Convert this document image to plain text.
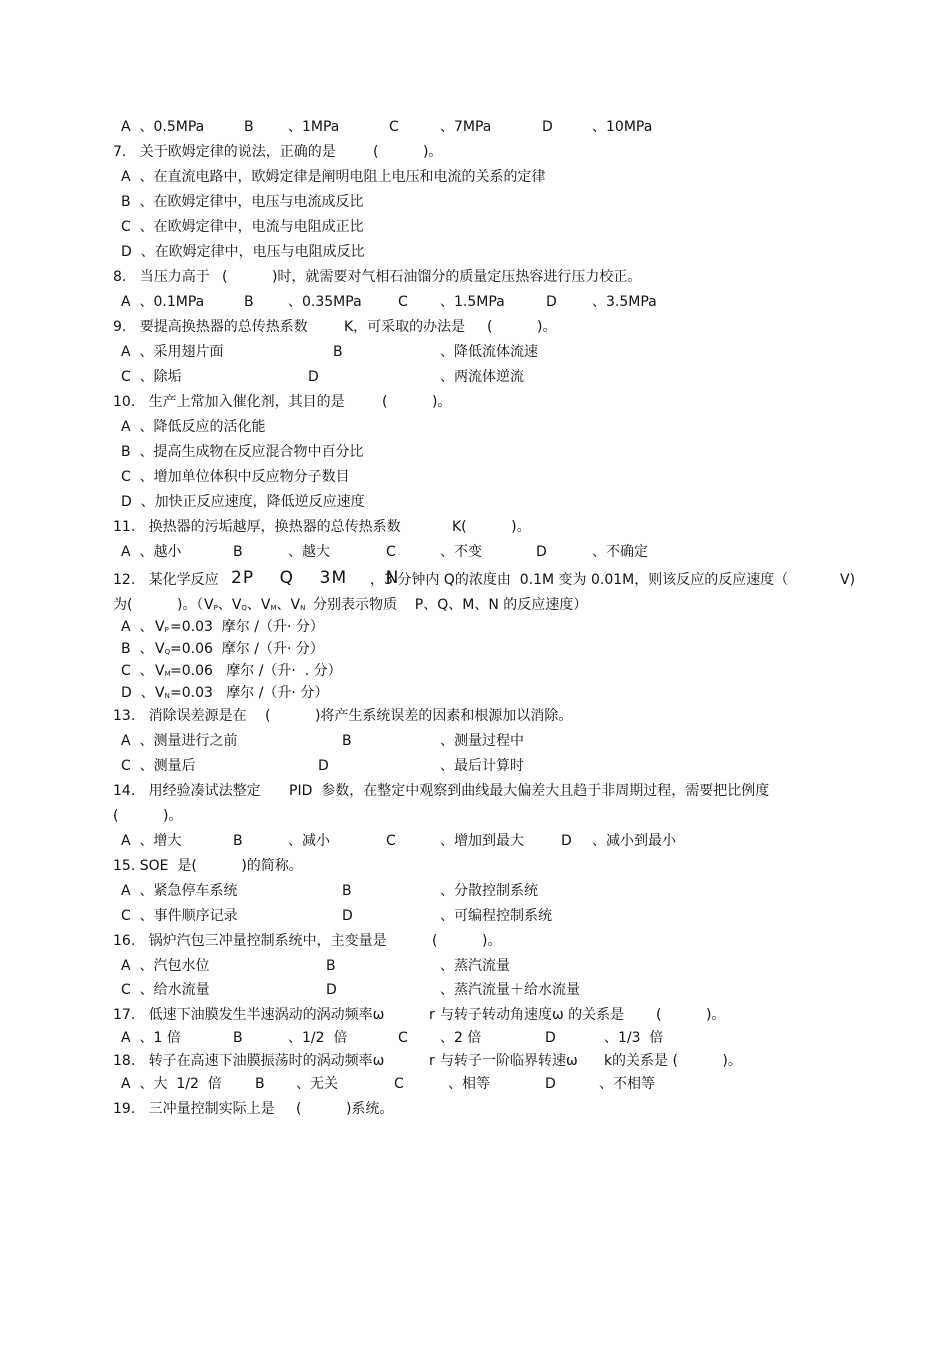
A  、0.5MPa	B 、1MPa	C	、7MPa	D	、10MPa
7.   关于欧姆定律的说法，正确的是	(          )。
A  、在直流电路中，欧姆定律是阐明电阻上电压和电流的关系的定律
B  、在欧姆定律中，电压与电流成反比
C  、在欧姆定律中，电流与电阻成正比
D  、在欧姆定律中，电压与电阻成反比
8.   当压力高于 (          )时，就需要对气相石油馏分的质量定压热容进行压力校正。
A  、0.1MPa	B 、0.35MPa	C 、1.5MPa	D	、3.5MPa
9.   要提高换热器的总传热系数	K，可采取的办法是 (          )。
A  、采用翅片面	B	、降低流体流速
C  、除垢	D	、两流体逆流
10.   生产上常加入催化剂，其目的是	(          )。
A  、降低反应的活化能
B  、提高生成物在反应混合物中百分比
C  、增加单位体积中反应物分子数目
D  、加快正反应速度，降低逆反应速度
11.   换热器的污垢越厚，换热器的总传热系数	K(          )。
A  、越小	B	、越大	C	、不变	D	、不确定
12.   某化学反应	，3 分钟内 Q的浓度由  0.1M 变为 0.01M，则该反应的反应速度（	V)
为(          )。（	分别表示物质    P、Q、M、N 的反应速度）
A  、 =0.03  摩尔 /（升· 分）
B  、 =0.06  摩尔 /（升· 分）
C  、 =0.06   摩尔 /（升·  . 分）
D  、 =0.03   摩尔 /（升· 分）
13.   消除误差源是在 (          )将产生系统误差的因素和根源加以消除。
A  、测量进行之前	B	、测量过程中
C  、测量后	D	、最后计算时
14.   用经验凑试法整定 PID  参数，在整定中观察到曲线最大偏差大且趋于非周期过程，需要把比例度
(          )。
A  、增大	B	、减小	C	、增加到最大	D 、减小到最小
15. SOE  是(          )的简称。
A  、紧急停车系统	B	、分散控制系统
C  、事件顺序记录	D	、可编程控制系统
16.   锅炉汽包三冲量控制系统中，主变量是	(          )。
A  、汽包水位	B	、蒸汽流量
C  、给水流量	D	、蒸汽流量＋给水流量
17.   低速下油膜发生半速涡动的涡动频率ω	r 与转子转动角速度ω 的关系是 (          )。
A  、1 倍	B	、1/2  倍	C 、2 倍	D	、1/3  倍
18.   转子在高速下油膜振荡时的涡动频率ω	r 与转子一阶临界转速ω k 的关系是 (          )。
A  、大  1/2  倍 B 、无关	C	、相等	D	、不相等
19.   三冲量控制实际上是 (          )系统。
2P    Q    3M      N
$V_P$、$V_Q$、$V_M$、$V_N$
$V_P$
$V_Q$
$V_M$
$V_N$
